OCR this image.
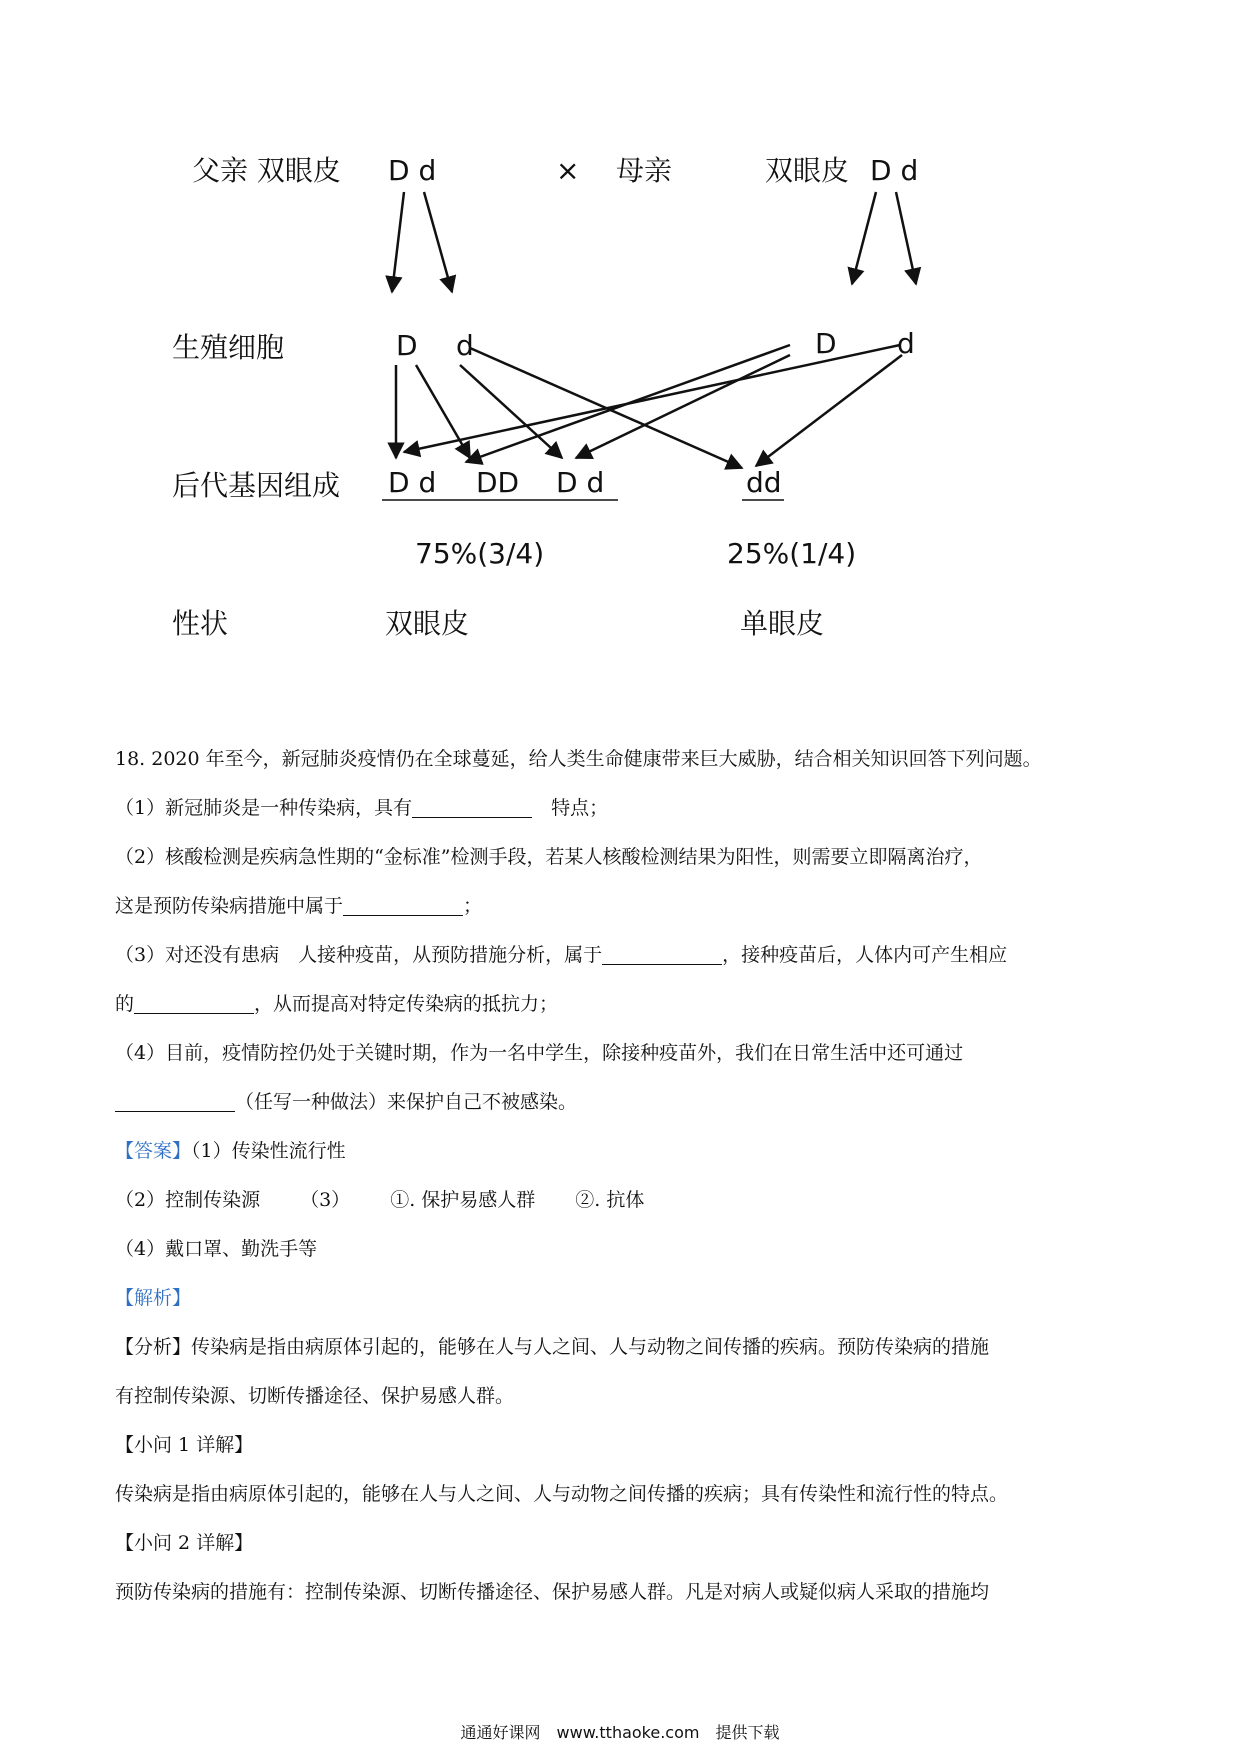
父亲 双眼皮 D d	× 母亲	双眼皮 D d
生殖细胞	D d	D d
后代基因组成 D d DD D d	dd
75%(3/4)	25%(1/4)
性状	双眼皮	单眼皮
18. 2020 年至今，新冠肺炎疫情仍在全球蔓延，给人类生命健康带来巨大威胁，结合相关知识回答下列问题。
（1）新冠肺炎是一种传染病，具有　	特点；
（2）核酸检测是疾病急性期的“金标准”检测手段，若某人核酸检测结果为阳性，则需要立即隔离治疗，
这是预防传染病措施中属于	；
（3）对还没有患病　人接种疫苗，从预防措施分析，属于	，接种疫苗后，人体内可产生相应
的	，从而提高对特定传染病的抵抗力；
（4）目前，疫情防控仍处于关键时期，作为一名中学生，除接种疫苗外，我们在日常生活中还可通过
（任写一种做法）来保护自己不被感染。
【答案】（1）传染性流行性
（2）控制传染源 （3） ①. 保护易感人群 ②. 抗体
（4）戴口罩、勤洗手等
【解析】
【分析】传染病是指由病原体引起的，能够在人与人之间、人与动物之间传播的疾病。预防传染病的措施
有控制传染源、切断传播途径、保护易感人群。
【小问 1 详解】
传染病是指由病原体引起的，能够在人与人之间、人与动物之间传播的疾病；具有传染性和流行性的特点。
【小问 2 详解】
预防传染病的措施有：控制传染源、切断传播途径、保护易感人群。凡是对病人或疑似病人采取的措施均
通通好课网　www.tthaoke.com　提供下载
